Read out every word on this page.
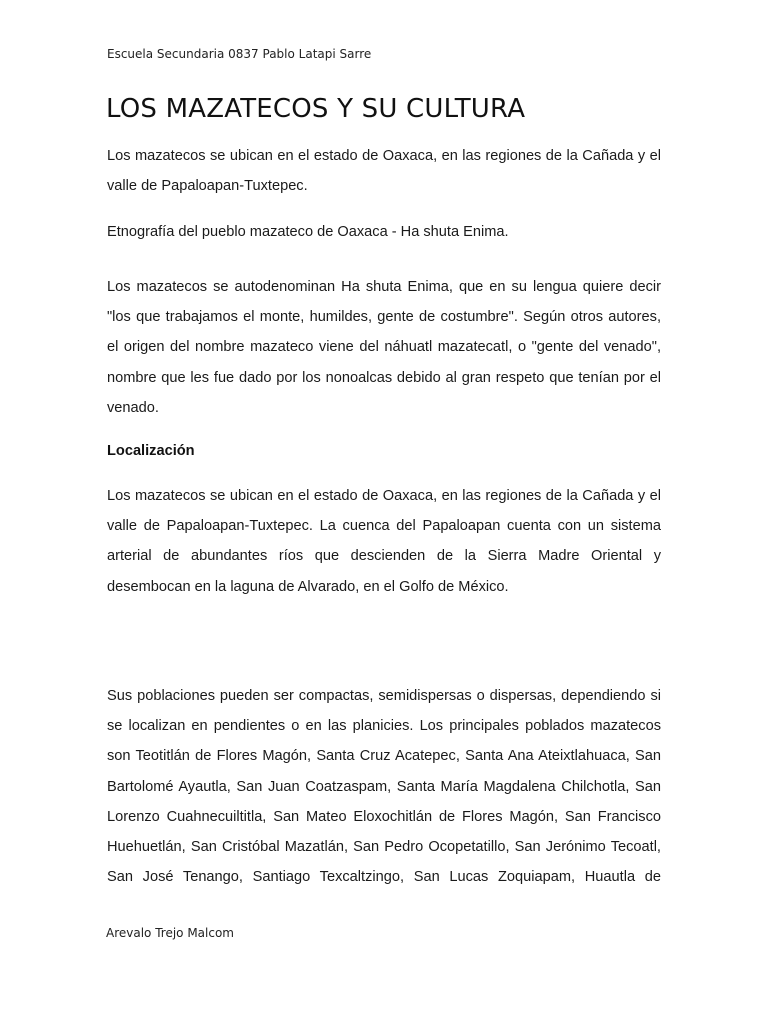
Escuela Secundaria 0837 Pablo Latapi Sarre
LOS MAZATECOS Y SU CULTURA

Los mazatecos se ubican en el estado de Oaxaca, en las regiones de la Cañada y el valle de Papaloapan-Tuxtepec.

Etnografía del pueblo mazateco de Oaxaca - Ha shuta Enima.

Los mazatecos se autodenominan Ha shuta Enima, que en su lengua quiere decir "los que trabajamos el monte, humildes, gente de costumbre". Según otros autores, el origen del nombre mazateco viene del náhuatl mazatecatl, o "gente del venado", nombre que les fue dado por los nonoalcas debido al gran respeto que tenían por el venado.

Localización

Los mazatecos se ubican en el estado de Oaxaca, en las regiones de la Cañada y el valle de Papaloapan-Tuxtepec. La cuenca del Papaloapan cuenta con un sistema arterial de abundantes ríos que descienden de la Sierra Madre Oriental y desembocan en la laguna de Alvarado, en el Golfo de México.

Sus poblaciones pueden ser compactas, semidispersas o dispersas, dependiendo si se localizan en pendientes o en las planicies. Los principales poblados mazatecos son Teotitlán de Flores Magón, Santa Cruz Acatepec, Santa Ana Ateixtlahuaca, San Bartolomé Ayautla, San Juan Coatzaspam, Santa María Magdalena Chilchotla, San Lorenzo Cuahnecuiltitla, San Mateo Eloxochitlán de Flores Magón, San Francisco Huehuetlán, San Cristóbal Mazatlán, San Pedro Ocopetatillo, San Jerónimo Tecoatl, San José Tenango, Santiago Texcaltzingo, San Lucas Zoquiapam, Huautla de

Arevalo Trejo Malcom
